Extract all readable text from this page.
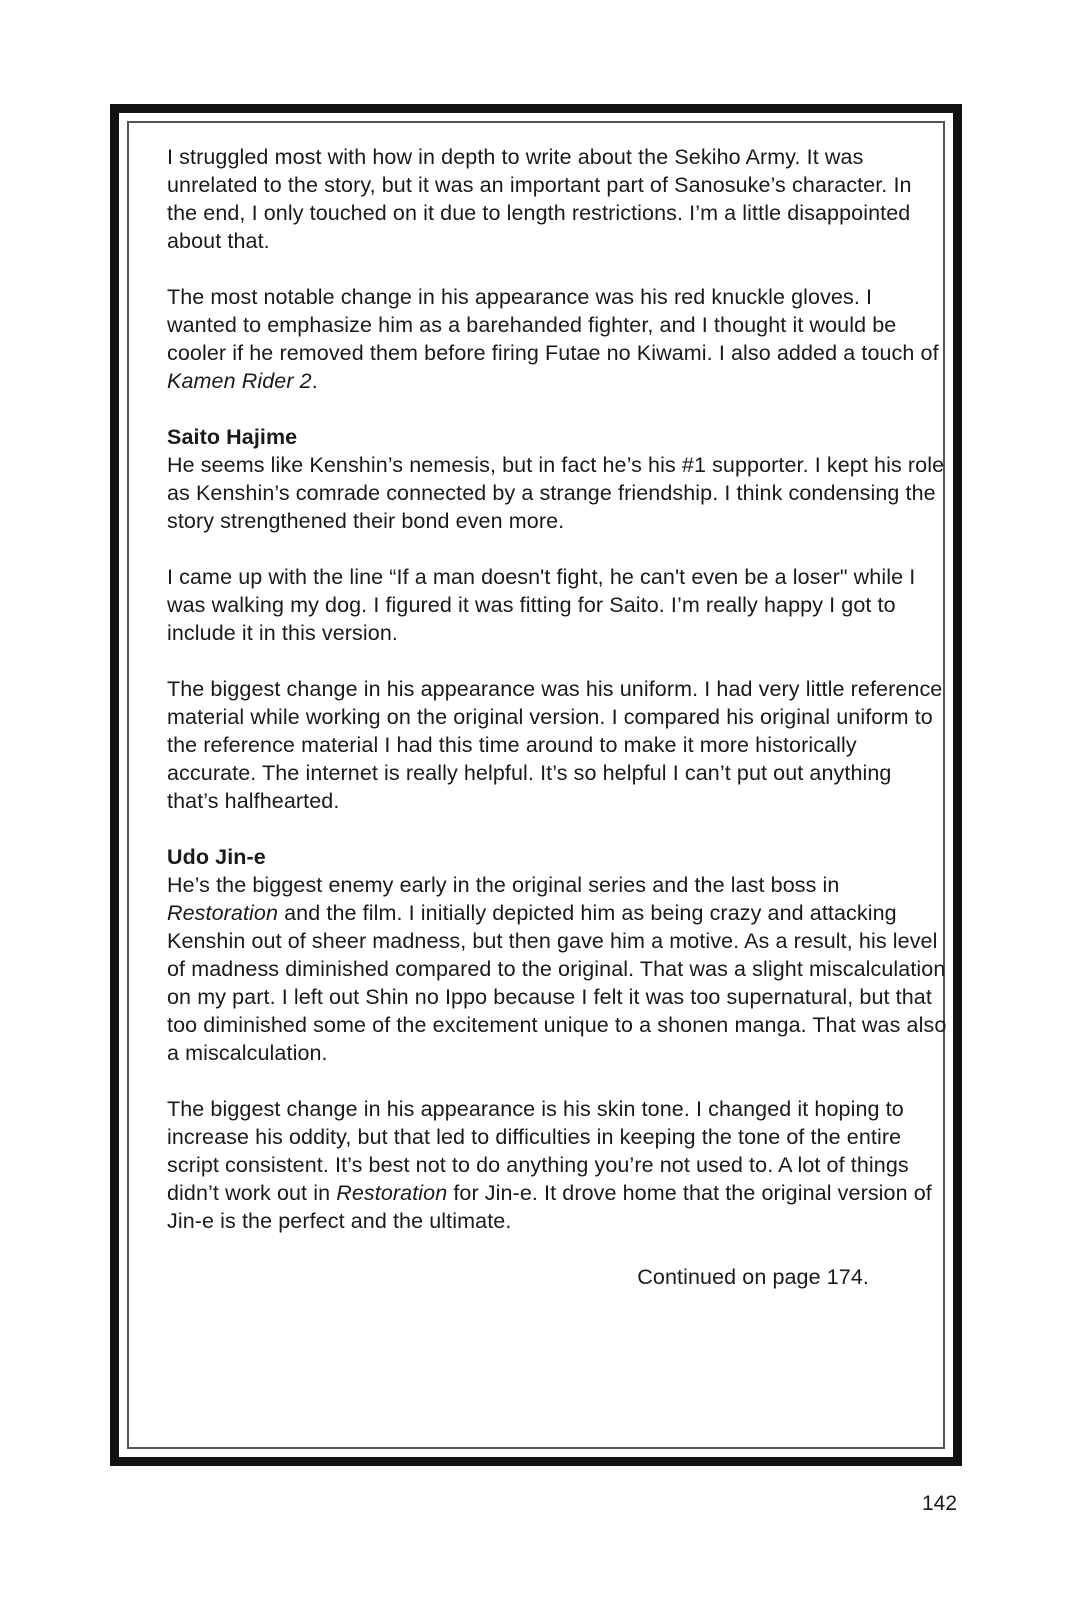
I struggled most with how in depth to write about the Sekiho Army. It was unrelated to the story, but it was an important part of Sanosuke’s character. In the end, I only touched on it due to length restrictions. I’m a little disappointed about that.

The most notable change in his appearance was his red knuckle gloves. I wanted to emphasize him as a barehanded fighter, and I thought it would be cooler if he removed them before firing Futae no Kiwami. I also added a touch of Kamen Rider 2.

Saito Hajime
He seems like Kenshin’s nemesis, but in fact he’s his #1 supporter. I kept his role as Kenshin’s comrade connected by a strange friendship. I think condensing the story strengthened their bond even more.

I came up with the line “If a man doesn't fight, he can't even be a loser" while I was walking my dog. I figured it was fitting for Saito. I’m really happy I got to include it in this version.

The biggest change in his appearance was his uniform. I had very little reference material while working on the original version. I compared his original uniform to the reference material I had this time around to make it more historically accurate. The internet is really helpful. It’s so helpful I can’t put out anything that’s halfhearted.

Udo Jin-e
He’s the biggest enemy early in the original series and the last boss in Restoration and the film. I initially depicted him as being crazy and attacking Kenshin out of sheer madness, but then gave him a motive. As a result, his level of madness diminished compared to the original. That was a slight miscalculation on my part. I left out Shin no Ippo because I felt it was too supernatural, but that too diminished some of the excitement unique to a shonen manga. That was also a miscalculation.

The biggest change in his appearance is his skin tone. I changed it hoping to increase his oddity, but that led to difficulties in keeping the tone of the entire script consistent. It’s best not to do anything you’re not used to. A lot of things didn’t work out in Restoration for Jin-e. It drove home that the original version of Jin-e is the perfect and the ultimate.

Continued on page 174.

142
